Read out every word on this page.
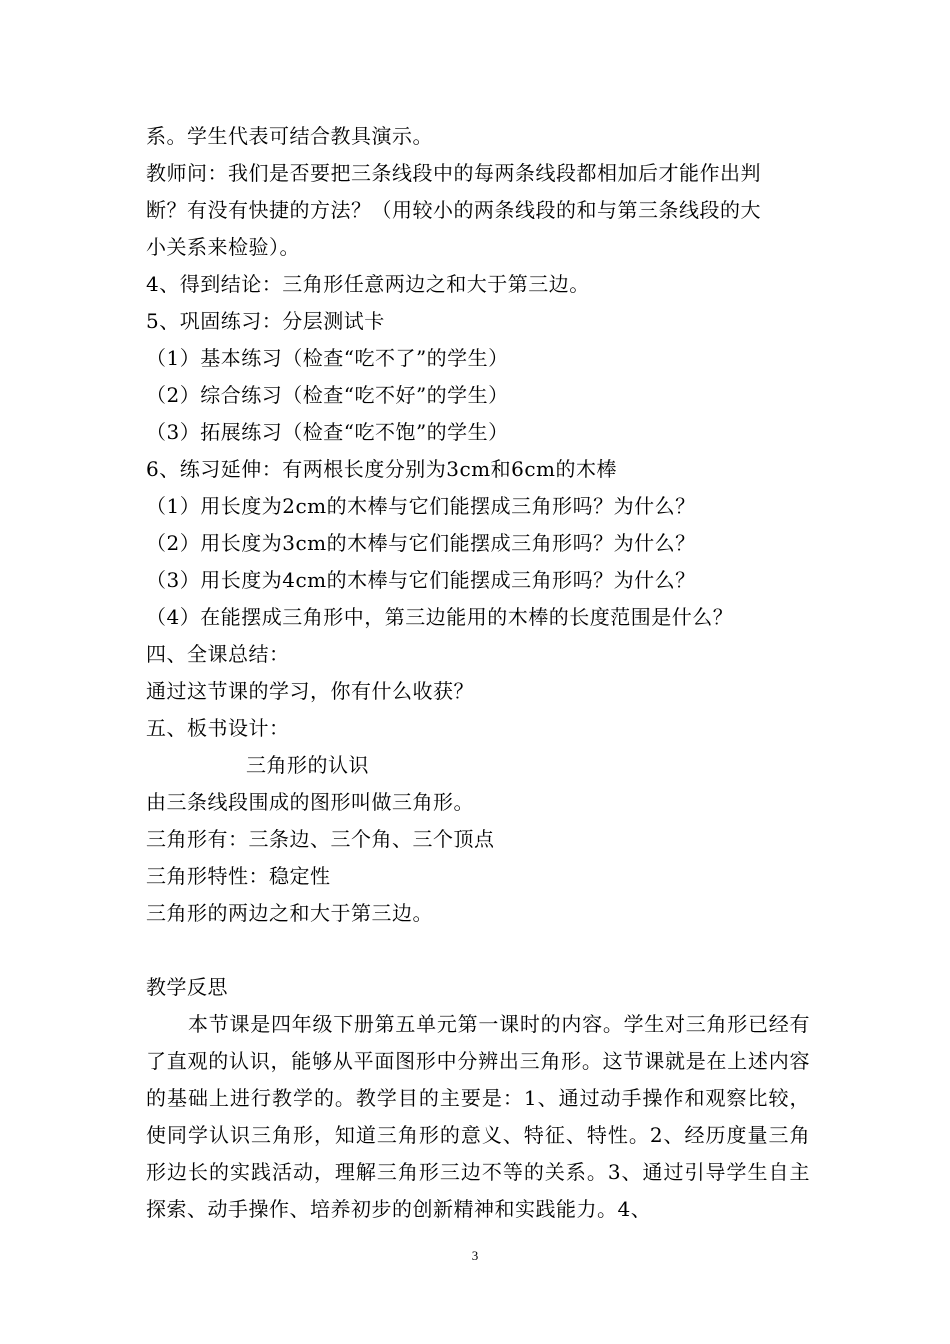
系。学生代表可结合教具演示。
教师问：我们是否要把三条线段中的每两条线段都相加后才能作出判
断？有没有快捷的方法？（用较小的两条线段的和与第三条线段的大
小关系来检验）。
4、得到结论：三角形任意两边之和大于第三边。
5、巩固练习：分层测试卡
（1）基本练习（检查“吃不了”的学生）
（2）综合练习（检查“吃不好”的学生）
（3）拓展练习（检查“吃不饱”的学生）
6、练习延伸：有两根长度分别为3cm和6cm的木棒
（1）用长度为2cm的木棒与它们能摆成三角形吗？为什么？
（2）用长度为3cm的木棒与它们能摆成三角形吗？为什么？
（3）用长度为4cm的木棒与它们能摆成三角形吗？为什么？
（4）在能摆成三角形中，第三边能用的木棒的长度范围是什么？
四、全课总结：
通过这节课的学习，你有什么收获？
五、板书设计：
三角形的认识
由三条线段围成的图形叫做三角形。
三角形有：三条边、三个角、三个顶点
三角形特性：稳定性
三角形的两边之和大于第三边。
教学反思

本节课是四年级下册第五单元第一课时的内容。学生对三角形已经有了直观的认识，能够从平面图形中分辨出三角形。这节课就是在上述内容的基础上进行教学的。教学目的主要是：1、通过动手操作和观察比较，使同学认识三角形，知道三角形的意义、特征、特性。2、经历度量三角形边长的实践活动，理解三角形三边不等的关系。3、通过引导学生自主探索、动手操作、培养初步的创新精神和实践能力。4、

3
